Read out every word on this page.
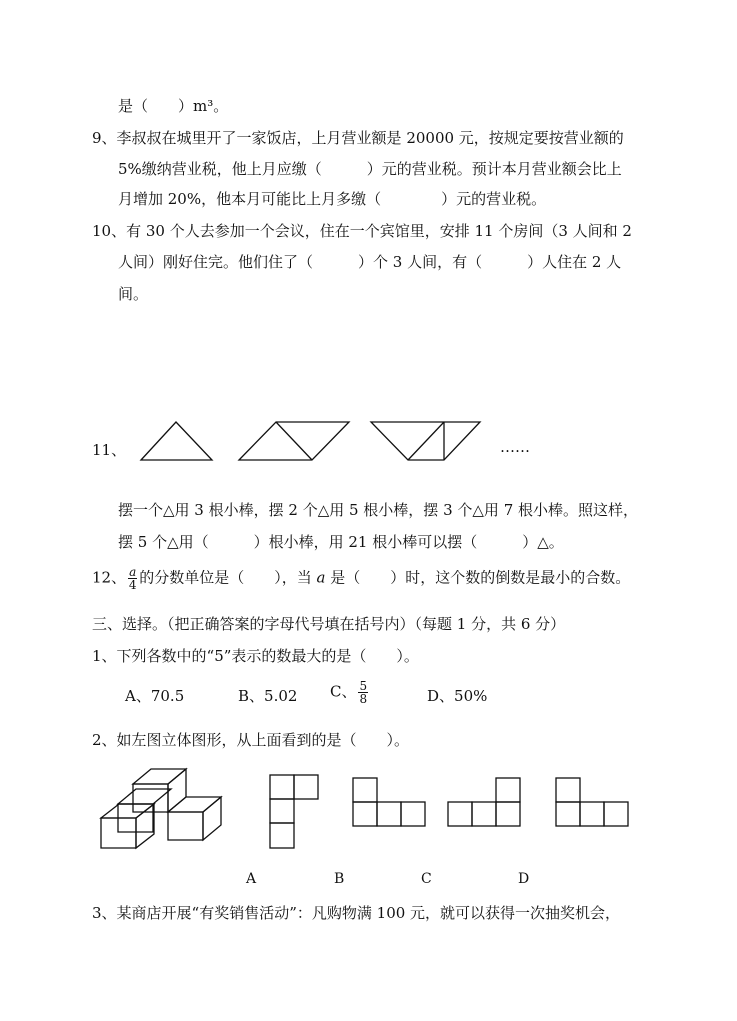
是（　　）m³。
9、李叔叔在城里开了一家饭店，上月营业额是 20000 元，按规定要按营业额的
5%缴纳营业税，他上月应缴（　　　）元的营业税。预计本月营业额会比上
月增加 20%，他本月可能比上月多缴（　　　　）元的营业税。
10、有 30 个人去参加一个会议，住在一个宾馆里，安排 11 个房间（3 人间和 2
人间）刚好住完。他们住了（　　　）个 3 人间，有（　　　）人住在 2 人
间。
11、	……
摆一个△用 3 根小棒，摆 2 个△用 5 根小棒，摆 3 个△用 7 根小棒。照这样，
摆 5 个△用（　　　）根小棒，用 21 根小棒可以摆（　　　）△。
12、 $\frac{a}{4}$ 的分数单位是（　　），当 a 是（　　）时，这个数的倒数是最小的合数。
三、选择。（把正确答案的字母代号填在括号内）（每题 1 分，共 6 分）
1、下列各数中的“5”表示的数最大的是（　　）。
A、70.5	B、5.02 C、 $\frac{5}{8}$	D、50%
2、如左图立体图形，从上面看到的是（　　）。
A	B	C	D
3、某商店开展“有奖销售活动”：凡购物满 100 元，就可以获得一次抽奖机会，
